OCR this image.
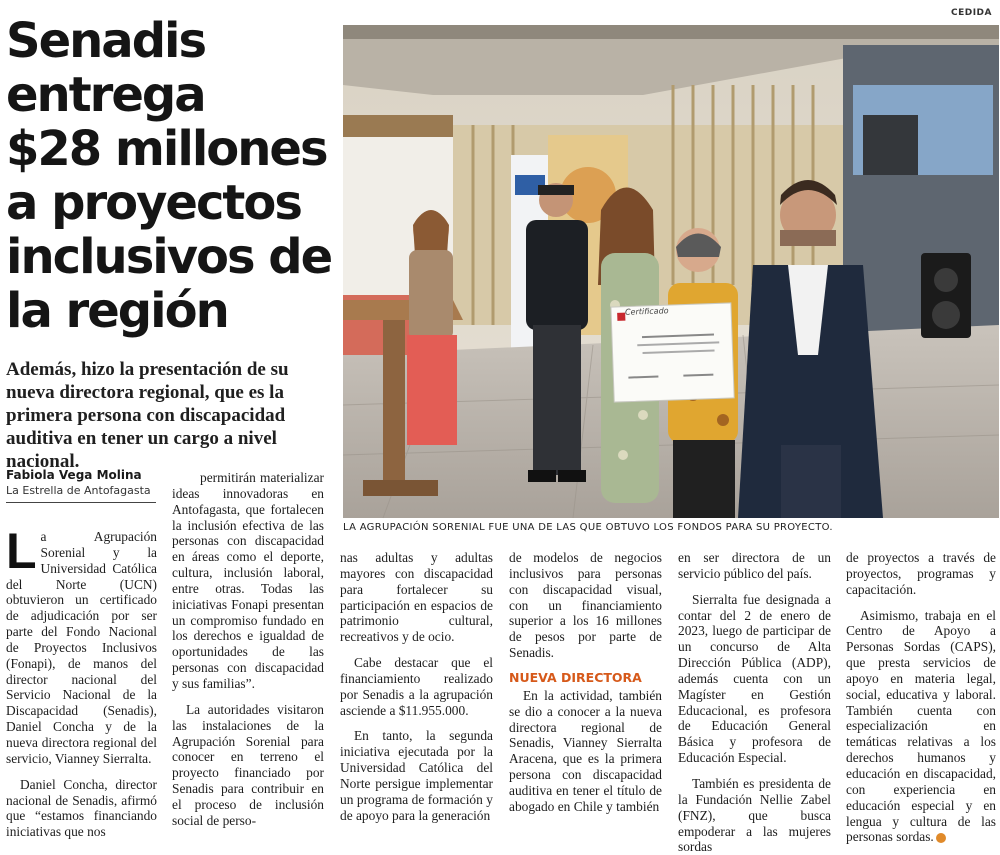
CEDIDA
Senadis
entrega
$28 millones
a proyectos
inclusivos de
la región

Además, hizo la presentación de su nueva directora regional, que es la primera persona con discapacidad auditiva en tener un cargo a nivel nacional.

Fabiola Vega Molina
La Estrella de Antofagasta
Certificado
LA AGRUPACIÓN SORENIAL FUE UNA DE LAS QUE OBTUVO LOS FONDOS PARA SU PROYECTO.

La Agrupación Sorenial y la Universidad Católica del Norte (UCN) obtuvieron un certificado de adjudicación por ser parte del Fondo Nacional de Proyectos Inclusivos (Fonapi), de manos del director nacional del Servicio Nacional de la Discapacidad (Senadis), Daniel Concha y de la nueva directora regional del servicio, Vianney Sierralta.

Daniel Concha, director nacional de Senadis, afirmó que “estamos financiando iniciativas que nos

permitirán materializar ideas innovadoras en Antofagasta, que fortalecen la inclusión efectiva de las personas con discapacidad en áreas como el deporte, cultura, inclusión laboral, entre otras. Todas las iniciativas Fonapi presentan un compromiso fundado en los derechos e igualdad de oportunidades de las personas con discapacidad y sus familias”.

La autoridades visitaron las instalaciones de la Agrupación Sorenial para conocer en terreno el proyecto financiado por Senadis para contribuir en el proceso de inclusión social de perso-

nas adultas y adultas mayores con discapacidad para fortalecer su participación en espacios de patrimonio cultural, recreativos y de ocio.

Cabe destacar que el financiamiento realizado por Senadis a la agrupación asciende a $11.955.000.

En tanto, la segunda iniciativa ejecutada por la Universidad Católica del Norte persigue implementar un programa de formación y de apoyo para la generación

de modelos de negocios inclusivos para personas con discapacidad visual, con un financiamiento superior a los 16 millones de pesos por parte de Senadis.

NUEVA DIRECTORA

En la actividad, también se dio a conocer a la nueva directora regional de Senadis, Vianney Sierralta Aracena, que es la primera persona con discapacidad auditiva en tener el título de abogado en Chile y también

en ser directora de un servicio público del país.

Sierralta fue designada a contar del 2 de enero de 2023, luego de participar de un concurso de Alta Dirección Pública (ADP), además cuenta con un Magíster en Gestión Educacional, es profesora de Educación General Básica y profesora de Educación Especial.

También es presidenta de la Fundación Nellie Zabel (FNZ), que busca empoderar a las mujeres sordas

de proyectos a través de proyectos, programas y capacitación.

Asimismo, trabaja en el Centro de Apoyo a Personas Sordas (CAPS), que presta servicios de apoyo en materia legal, social, educativa y laboral. También cuenta con especialización en temáticas relativas a los derechos humanos y educación en discapacidad, con experiencia en educación especial y en lengua y cultura de las personas sordas.
